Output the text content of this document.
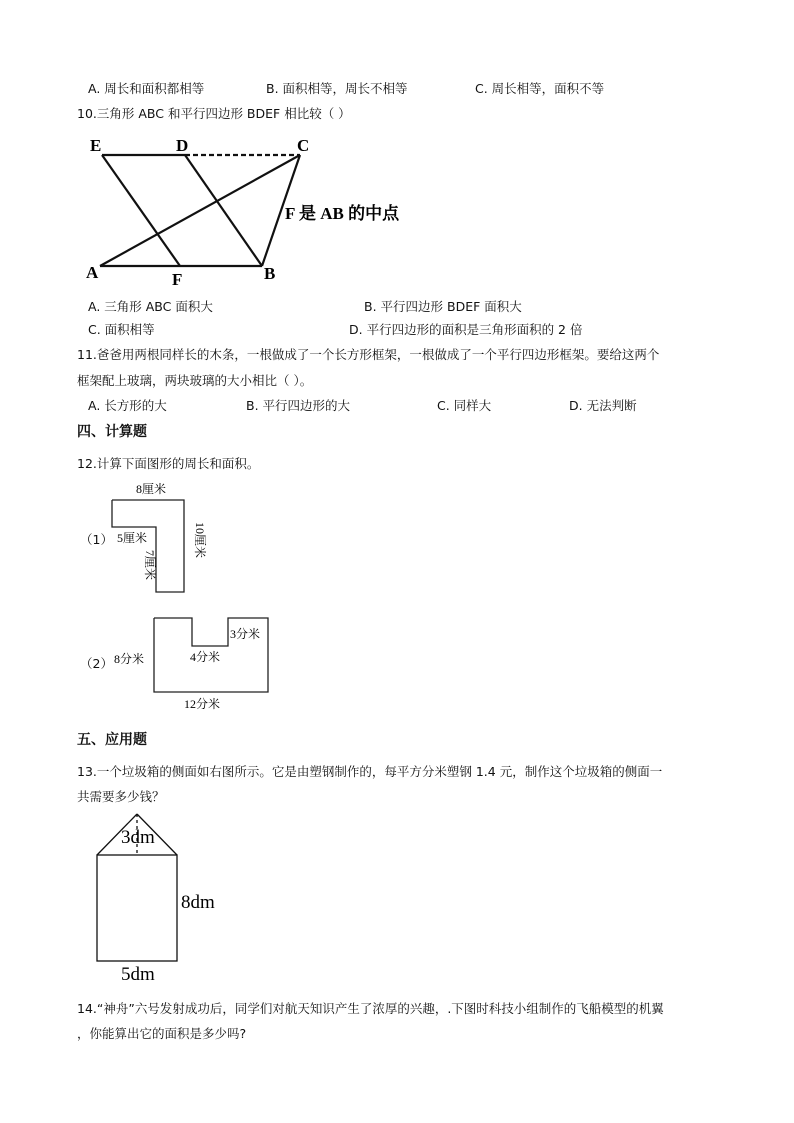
A. 周长和面积都相等	B. 面积相等，周长不相等	C. 周长相等，面积不等
10.三角形 ABC 和平行四边形 BDEF 相比较（ ）
E	D	C
A	F	B
F 是 AB 的中点
A. 三角形 ABC 面积大	B. 平行四边形 BDEF 面积大
C. 面积相等	D. 平行四边形的面积是三角形面积的 2 倍
11.爸爸用两根同样长的木条，一根做成了一个长方形框架，一根做成了一个平行四边形框架。要给这两个
框架配上玻璃，两块玻璃的大小相比（ ）。
A. 长方形的大	B. 平行四边形的大	C. 同样大	D. 无法判断
四、计算题
12.计算下面图形的周长和面积。
（1）
8厘米
5厘米	10厘米
7厘米
（2） 8分米
3分米
4分米
12分米
五、应用题
13.一个垃圾箱的侧面如右图所示。它是由塑钢制作的，每平方分米塑钢 1.4 元，制作这个垃圾箱的侧面一
共需要多少钱？
3dm
8dm
5dm
14.“神舟”六号发射成功后，同学们对航天知识产生了浓厚的兴趣，.下图时科技小组制作的飞船模型的机翼
，你能算出它的面积是多少吗?
